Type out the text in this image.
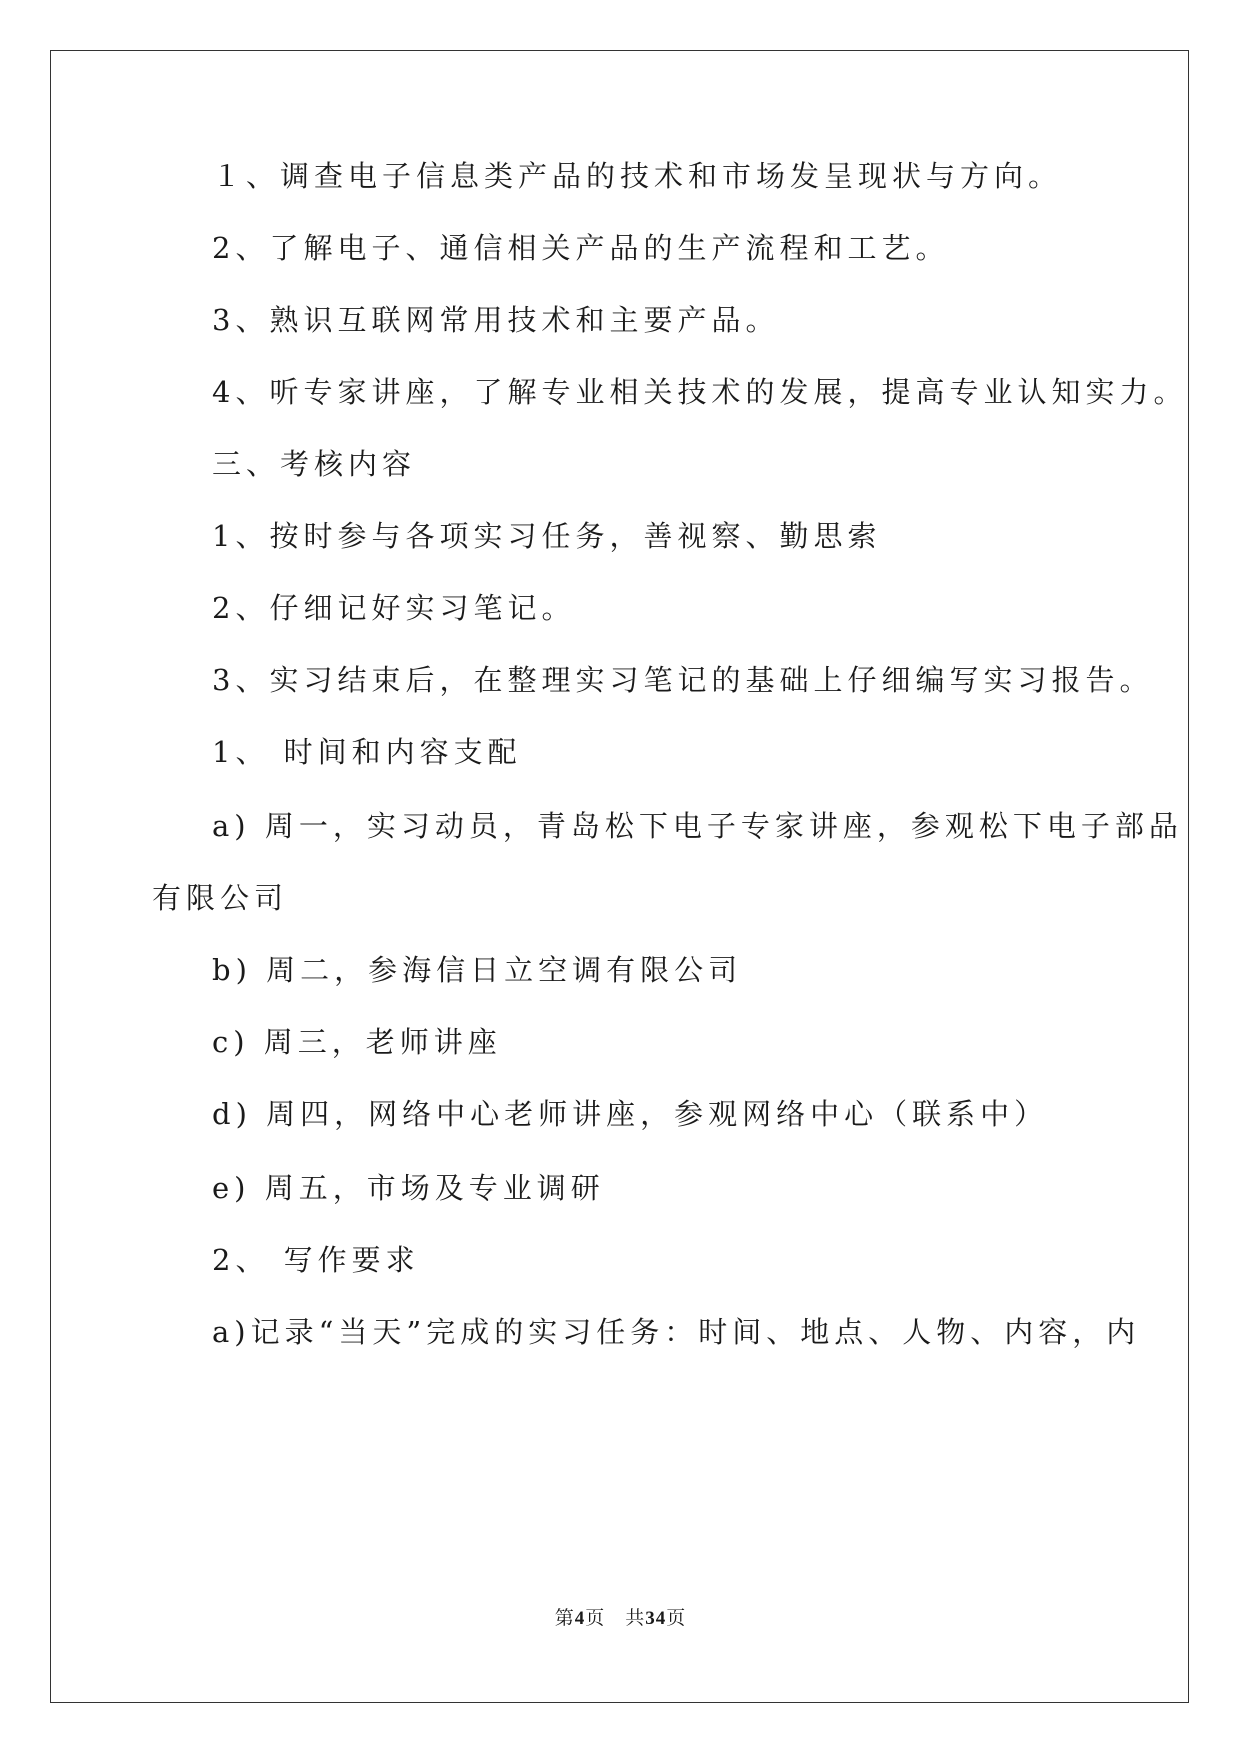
１、调查电子信息类产品的技术和市场发呈现状与方向。
2、了解电子、通信相关产品的生产流程和工艺。
3、熟识互联网常用技术和主要产品。
4、听专家讲座，了解专业相关技术的发展，提高专业认知实力。
三、考核内容
1、按时参与各项实习任务，善视察、勤思索
2、仔细记好实习笔记。
3、实习结束后，在整理实习笔记的基础上仔细编写实习报告。
1、 时间和内容支配
a) 周一，实习动员，青岛松下电子专家讲座，参观松下电子部品
有限公司
b) 周二，参海信日立空调有限公司
c) 周三，老师讲座
d) 周四，网络中心老师讲座，参观网络中心（联系中）
e) 周五，市场及专业调研
2、 写作要求
a)记录“当天”完成的实习任务：时间、地点、人物、内容，内
第4页　共34页
